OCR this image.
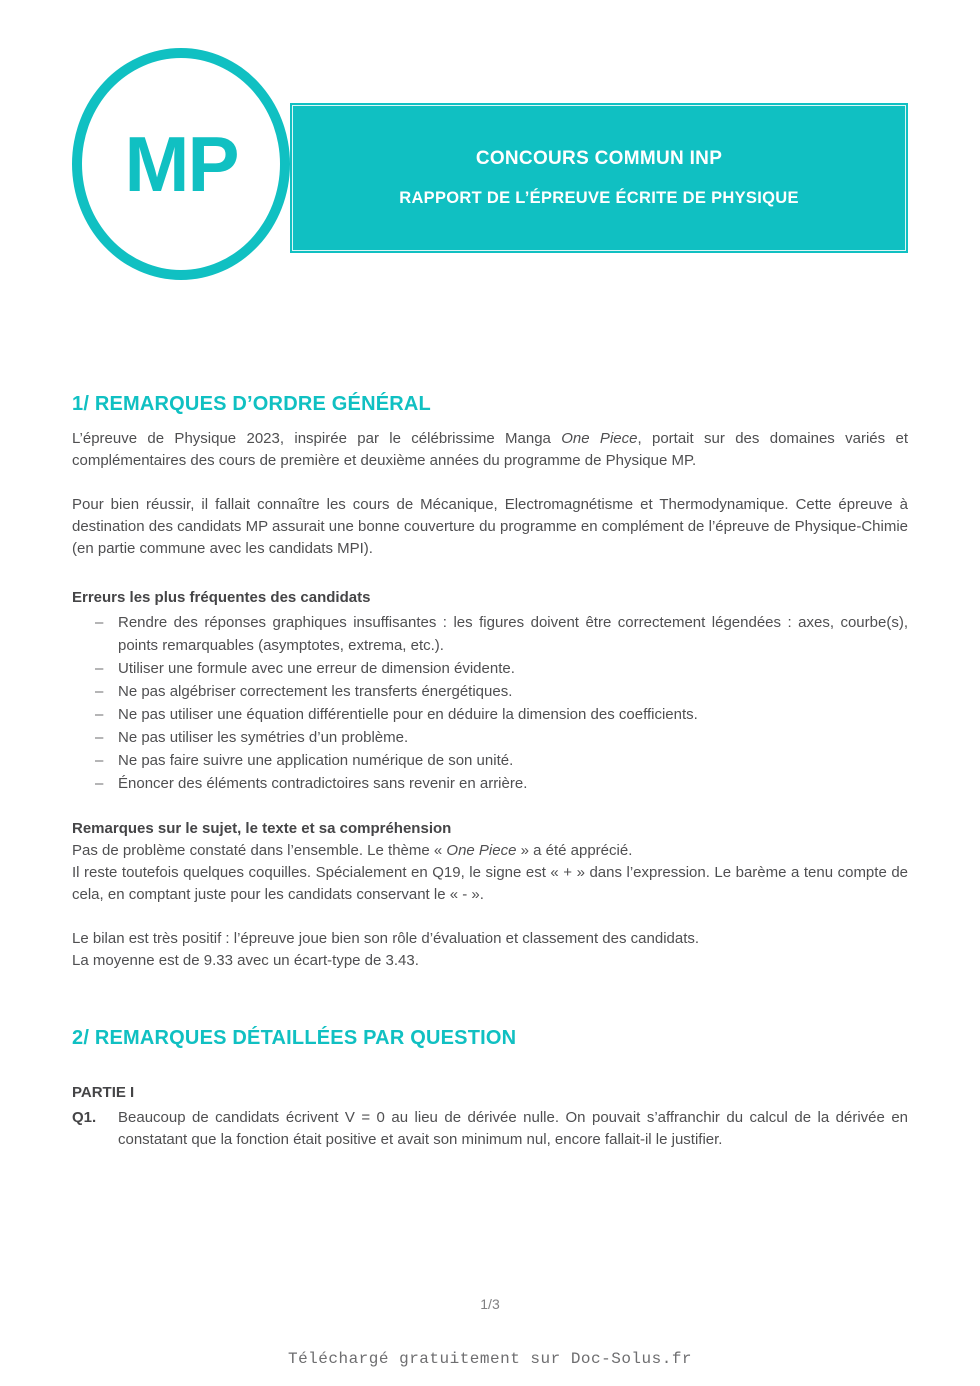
CONCOURS COMMUN INP
RAPPORT DE L’ÉPREUVE ÉCRITE DE PHYSIQUE
MP
1/ REMARQUES D’ORDRE GÉNÉRAL

L’épreuve de Physique 2023, inspirée par le célébrissime Manga One Piece, portait sur des domaines variés et complémentaires des cours de première et deuxième années du programme de Physique MP.

Pour bien réussir, il fallait connaître les cours de Mécanique, Electromagnétisme et Thermodynamique. Cette épreuve à destination des candidats MP assurait une bonne couverture du programme en complément de l’épreuve de Physique-Chimie (en partie commune avec les candidats MPI).

Erreurs les plus fréquentes des candidats
– Rendre des réponses graphiques insuffisantes : les figures doivent être correctement légendées : axes, courbe(s), points remarquables (asymptotes, extrema, etc.).
– Utiliser une formule avec une erreur de dimension évidente.
– Ne pas algébriser correctement les transferts énergétiques.
– Ne pas utiliser une équation différentielle pour en déduire la dimension des coefficients.
– Ne pas utiliser les symétries d’un problème.
– Ne pas faire suivre une application numérique de son unité.
– Énoncer des éléments contradictoires sans revenir en arrière.
Remarques sur le sujet, le texte et sa compréhension

Pas de problème constaté dans l’ensemble. Le thème « One Piece » a été apprécié.

Il reste toutefois quelques coquilles. Spécialement en Q19, le signe est « + » dans l’expression. Le barème a tenu compte de cela, en comptant juste pour les candidats conservant le « - ».

Le bilan est très positif : l’épreuve joue bien son rôle d’évaluation et classement des candidats.
La moyenne est de 9.33 avec un écart-type de 3.43.

2/ REMARQUES DÉTAILLÉES PAR QUESTION
PARTIE I
Q1. Beaucoup de candidats écrivent V = 0 au lieu de dérivée nulle. On pouvait s’affranchir du calcul de la dérivée en constatant que la fonction était positive et avait son minimum nul, encore fallait-il le justifier.

1/3
Téléchargé gratuitement sur Doc-Solus.fr
